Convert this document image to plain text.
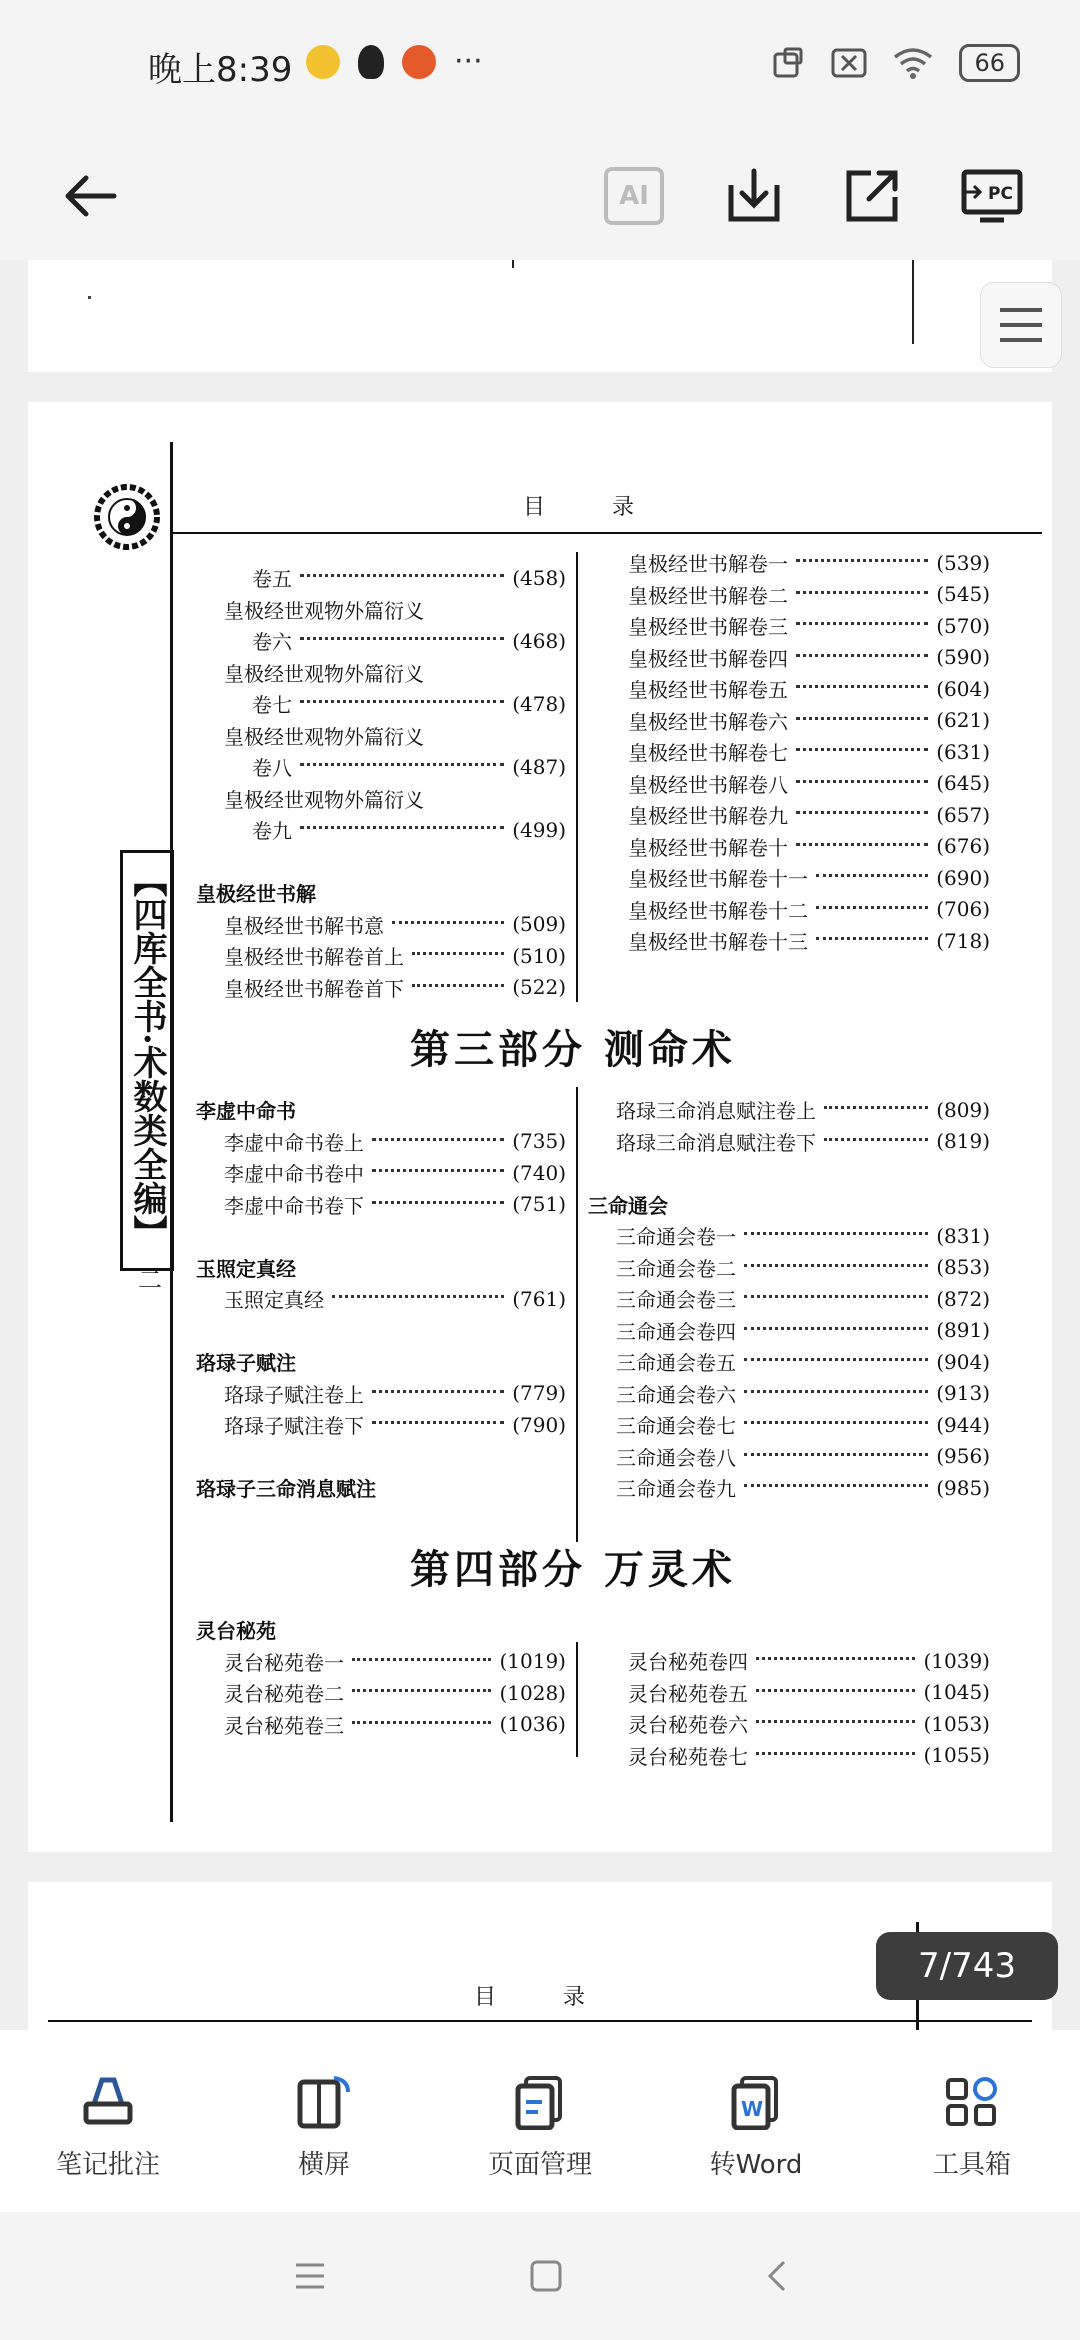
晚上8:39	···	66
AI	PC
目 录
【四库全书·术数类全编】
二
卷五	(458)
皇极经世观物外篇衍义
卷六	(468)
皇极经世观物外篇衍义
卷七	(478)
皇极经世观物外篇衍义
卷八	(487)
皇极经世观物外篇衍义
卷九	(499)
皇极经世书解
皇极经世书解书意	(509)
皇极经世书解卷首上	(510)
皇极经世书解卷首下	(522)
皇极经世书解卷一	(539)
皇极经世书解卷二	(545)
皇极经世书解卷三	(570)
皇极经世书解卷四	(590)
皇极经世书解卷五	(604)
皇极经世书解卷六	(621)
皇极经世书解卷七	(631)
皇极经世书解卷八	(645)
皇极经世书解卷九	(657)
皇极经世书解卷十	(676)
皇极经世书解卷十一	(690)
皇极经世书解卷十二	(706)
皇极经世书解卷十三	(718)
第三部分 测命术
李虚中命书
李虚中命书卷上	(735)
李虚中命书卷中	(740)
李虚中命书卷下	(751)
玉照定真经
玉照定真经	(761)
珞琭子赋注
珞琭子赋注卷上	(779)
珞琭子赋注卷下	(790)
珞琭子三命消息赋注
珞琭三命消息赋注卷上	(809)
珞琭三命消息赋注卷下	(819)
三命通会
三命通会卷一	(831)
三命通会卷二	(853)
三命通会卷三	(872)
三命通会卷四	(891)
三命通会卷五	(904)
三命通会卷六	(913)
三命通会卷七	(944)
三命通会卷八	(956)
三命通会卷九	(985)
第四部分 万灵术
灵台秘苑
灵台秘苑卷一	(1019)
灵台秘苑卷二	(1028)
灵台秘苑卷三	(1036)
灵台秘苑卷四	(1039)
灵台秘苑卷五	(1045)
灵台秘苑卷六	(1053)
灵台秘苑卷七	(1055)
目 录
7/743
笔记批注	横屏	页面管理
W
转Word	工具箱
